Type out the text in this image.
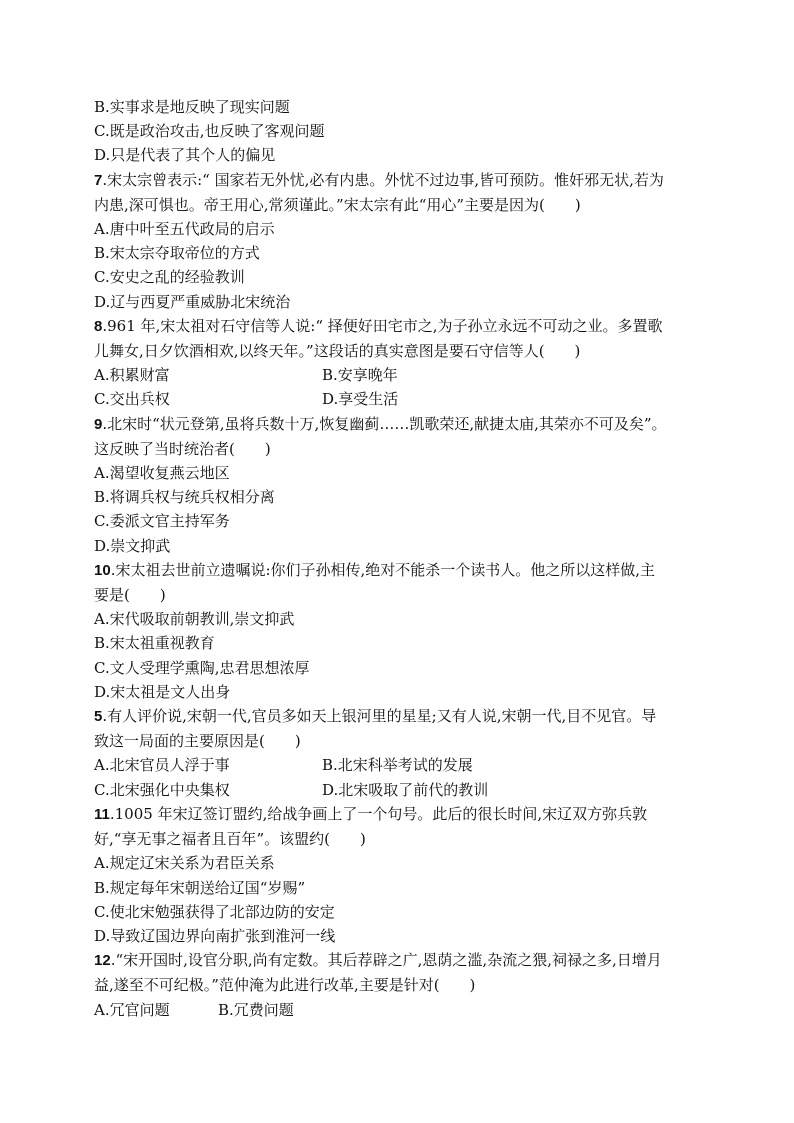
B.实事求是地反映了现实问题
C.既是政治攻击,也反映了客观问题
D.只是代表了其个人的偏见
7.宋太宗曾表示:“ 国家若无外忧,必有内患。外忧不过边事,皆可预防。惟奸邪无状,若为
内患,深可惧也。帝王用心,常须谨此。”宋太宗有此“用心”主要是因为(　　)
A.唐中叶至五代政局的启示
B.宋太宗夺取帝位的方式
C.安史之乱的经验教训
D.辽与西夏严重威胁北宋统治
8.961 年,宋太祖对石守信等人说:“ 择便好田宅市之,为子孙立永远不可动之业。多置歌
儿舞女,日夕饮酒相欢,以终天年。”这段话的真实意图是要石守信等人(　　)
A.积累财富	B.安享晚年
C.交出兵权	D.享受生活
9.北宋时“状元登第,虽将兵数十万,恢复幽蓟……凯歌荣还,献捷太庙,其荣亦不可及矣”。
这反映了当时统治者(　　)
A.渴望收复燕云地区
B.将调兵权与统兵权相分离
C.委派文官主持军务
D.崇文抑武
10.宋太祖去世前立遗嘱说:你们子孙相传,绝对不能杀一个读书人。他之所以这样做,主
要是(　　)
A.宋代吸取前朝教训,崇文抑武
B.宋太祖重视教育
C.文人受理学熏陶,忠君思想浓厚
D.宋太祖是文人出身
5.有人评价说,宋朝一代,官员多如天上银河里的星星;又有人说,宋朝一代,目不见官。导
致这一局面的主要原因是(　　)
A.北宋官员人浮于事	B.北宋科举考试的发展
C.北宋强化中央集权	D.北宋吸取了前代的教训
11.1005 年宋辽签订盟约,给战争画上了一个句号。此后的很长时间,宋辽双方弥兵敦
好,“享无事之福者且百年”。该盟约(　　)
A.规定辽宋关系为君臣关系
B.规定每年宋朝送给辽国“岁赐”
C.使北宋勉强获得了北部边防的安定
D.导致辽国边界向南扩张到淮河一线
12.“宋开国时,设官分职,尚有定数。其后荐辟之广,恩荫之滥,杂流之猥,祠禄之多,日增月
益,遂至不可纪极。”范仲淹为此进行改革,主要是针对(　　)
A.冗官问题	B.冗费问题
